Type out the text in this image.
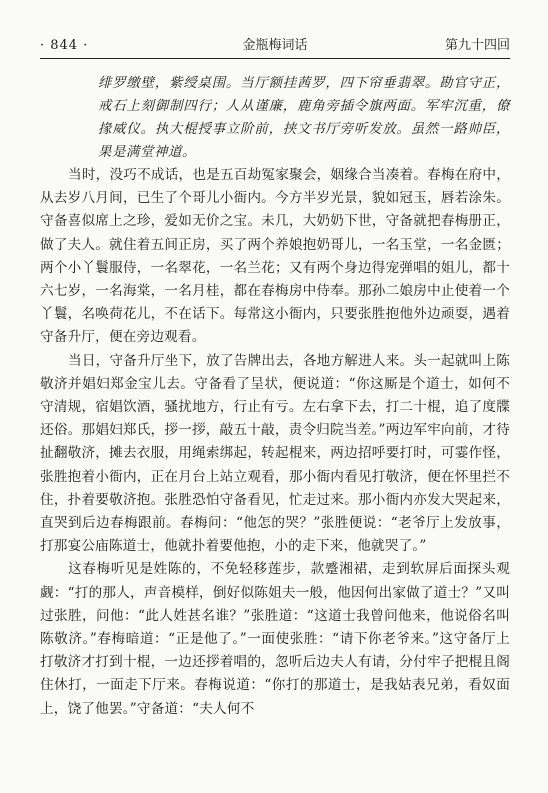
· 844 ·	金瓶梅词话	第九十四回

绯罗缴壁，紫绶桌围。当厅额挂茜罗，四下帘垂翡翠。勘官守正，戒石上刻御制四行；人从谨廉，鹿角旁插令旗两面。军牢沉重，僚掾威仪。执大棍授事立阶前，挟文书厅旁听发放。虽然一路帅臣，果是满堂神道。

当时，没巧不成话，也是五百劫冤家聚会，姻缘合当凑着。春梅在府中，从去岁八月间，已生了个哥儿小衙内。今方半岁光景，貌如冠玉，唇若涂朱。守备喜似席上之珍，爱如无价之宝。未几，大奶奶下世，守备就把春梅册正，做了夫人。就住着五间正房，买了两个养娘抱奶哥儿，一名玉堂，一名金匮；两个小丫鬟服侍，一名翠花，一名兰花；又有两个身边得宠弹唱的姐儿，都十六七岁，一名海棠，一名月桂，都在春梅房中侍奉。那孙二娘房中止使着一个丫鬟，名唤荷花儿，不在话下。每常这小衙内，只要张胜抱他外边顽耍，遇着守备升厅，便在旁边观看。

当日，守备升厅坐下，放了告牌出去，各地方解进人来。头一起就叫上陈敬济并娼妇郑金宝儿去。守备看了呈状，便说道：“你这厮是个道士，如何不守清规，宿娼饮酒，骚扰地方，行止有亏。左右拿下去，打二十棍，追了度牒还俗。那娼妇郑氏，拶一拶，敲五十敲，责令归院当差。”两边军牢向前，才待扯翻敬济，摊去衣服，用绳索绑起，转起棍来，两边招呼要打时，可霎作怪，张胜抱着小衙内，正在月台上站立观看，那小衙内看见打敬济，便在怀里拦不住，扑着要敬济抱。张胜恐怕守备看见，忙走过来。那小衙内亦发大哭起来，直哭到后边春梅跟前。春梅问：“他怎的哭？”张胜便说：“老爷厅上发放事，打那宴公庙陈道士，他就扑着要他抱，小的走下来，他就哭了。”

这春梅听见是姓陈的，不免轻移莲步，款蹙湘裙，走到软屏后面探头观觑：“打的那人，声音模样，倒好似陈姐夫一般，他因何出家做了道士？”又叫过张胜，问他：“此人姓甚名谁？”张胜道：“这道士我曾问他来，他说俗名叫陈敬济。”春梅暗道：“正是他了。”一面使张胜：“请下你老爷来。”这守备厅上打敬济才打到十棍，一边还拶着唱的，忽听后边夫人有请，分付牢子把棍且阁住休打，一面走下厅来。春梅说道：“你打的那道士，是我姑表兄弟，看奴面上，饶了他罢。”守备道：“夫人何不
